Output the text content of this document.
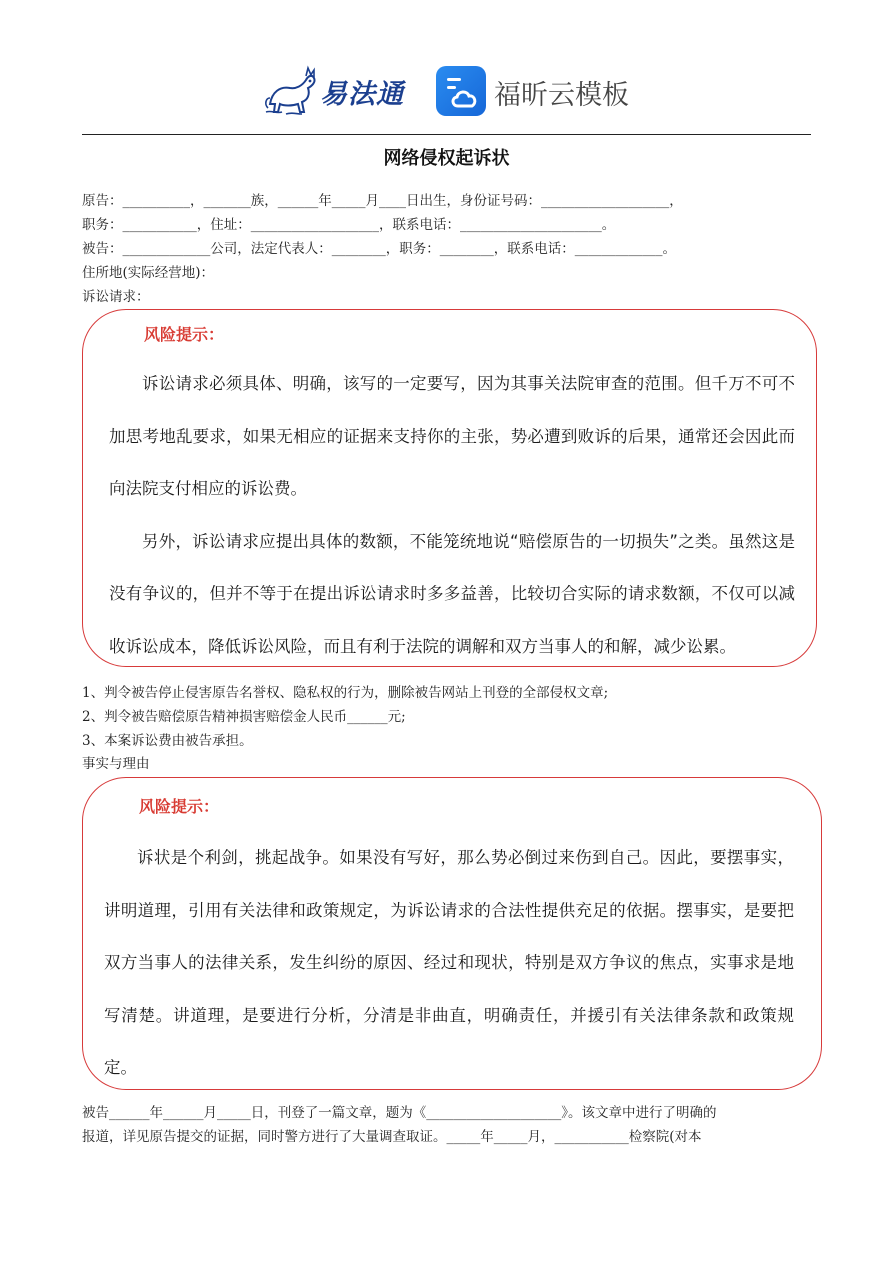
易法通	福昕云模板
网络侵权起诉状
原告：__________，_______族，______年_____月____日出生，身份证号码：___________________，
职务：___________，住址：___________________，联系电话：_____________________。
被告：_____________公司，法定代表人：________，职务：________，联系电话：_____________。
住所地(实际经营地)：
诉讼请求：
风险提示：

诉讼请求必须具体、明确，该写的一定要写，因为其事关法院审查的范围。但千万不可不加思考地乱要求，如果无相应的证据来支持你的主张，势必遭到败诉的后果，通常还会因此而向法院支付相应的诉讼费。

另外，诉讼请求应提出具体的数额，不能笼统地说“赔偿原告的一切损失”之类。虽然这是没有争议的，但并不等于在提出诉讼请求时多多益善，比较切合实际的请求数额，不仅可以减收诉讼成本，降低诉讼风险，而且有利于法院的调解和双方当事人的和解，减少讼累。

1、判令被告停止侵害原告名誉权、隐私权的行为，删除被告网站上刊登的全部侵权文章;
2、判令被告赔偿原告精神损害赔偿金人民币______元;
3、本案诉讼费由被告承担。
事实与理由
风险提示：

诉状是个利剑，挑起战争。如果没有写好，那么势必倒过来伤到自己。因此，要摆事实，讲明道理，引用有关法律和政策规定，为诉讼请求的合法性提供充足的依据。摆事实，是要把双方当事人的法律关系，发生纠纷的原因、经过和现状，特别是双方争议的焦点，实事求是地写清楚。讲道理，是要进行分析，分清是非曲直，明确责任，并援引有关法律条款和政策规定。

被告______年______月_____日，刊登了一篇文章，题为《____________________》。该文章中进行了明确的
报道，详见原告提交的证据，同时警方进行了大量调查取证。_____年_____月，___________检察院(对本
